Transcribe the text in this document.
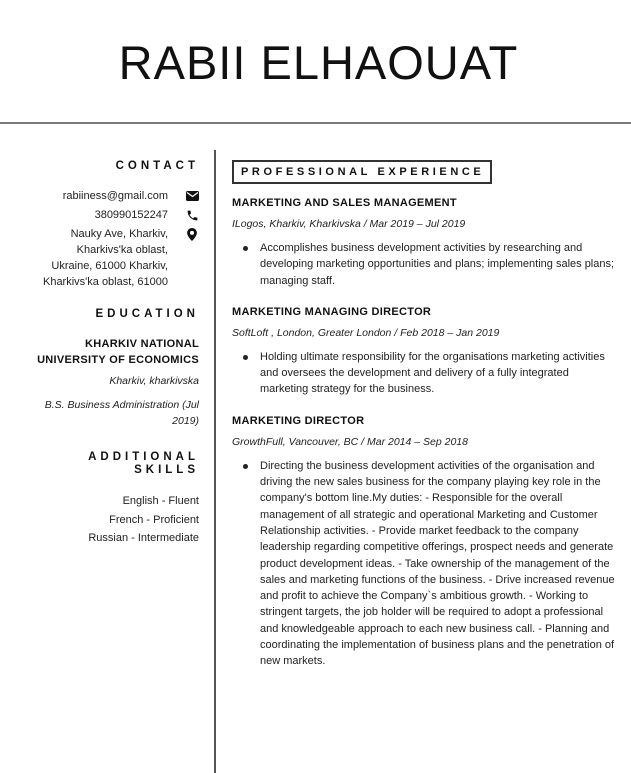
RABII ELHAOUAT
CONTACT
rabiiness@gmail.com
380990152247
Nauky Ave, Kharkiv,
Kharkivs'ka oblast,
Ukraine, 61000 Kharkiv,
Kharkivs'ka oblast, 61000
EDUCATION
KHARKIV NATIONAL
UNIVERSITY OF ECONOMICS
Kharkiv, kharkivska
B.S. Business Administration (Jul
2019)
ADDITIONAL
SKILLS
English - Fluent
French - Proficient
Russian - Intermediate
PROFESSIONAL EXPERIENCE
MARKETING AND SALES MANAGEMENT
ILogos, Kharkiv, Kharkivska / Mar 2019 – Jul 2019
Accomplishes business development activities by researching and developing marketing opportunities and plans; implementing sales plans; managing staff.
MARKETING MANAGING DIRECTOR
SoftLoft , London, Greater London / Feb 2018 – Jan 2019
Holding ultimate responsibility for the organisations marketing activities and oversees the development and delivery of a fully integrated marketing strategy for the business.
MARKETING DIRECTOR
GrowthFull, Vancouver, BC / Mar 2014 – Sep 2018
Directing the business development activities of the organisation and driving the new sales business for the company playing key role in the company's bottom line.My duties: - Responsible for the overall management of all strategic and operational Marketing and Customer Relationship activities. - Provide market feedback to the company leadership regarding competitive offerings, prospect needs and generate product development ideas. - Take ownership of the management of the sales and marketing functions of the business. - Drive increased revenue and profit to achieve the Company`s ambitious growth. - Working to stringent targets, the job holder will be required to adopt a professional and knowledgeable approach to each new business call. - Planning and coordinating the implementation of business plans and the penetration of new markets.
